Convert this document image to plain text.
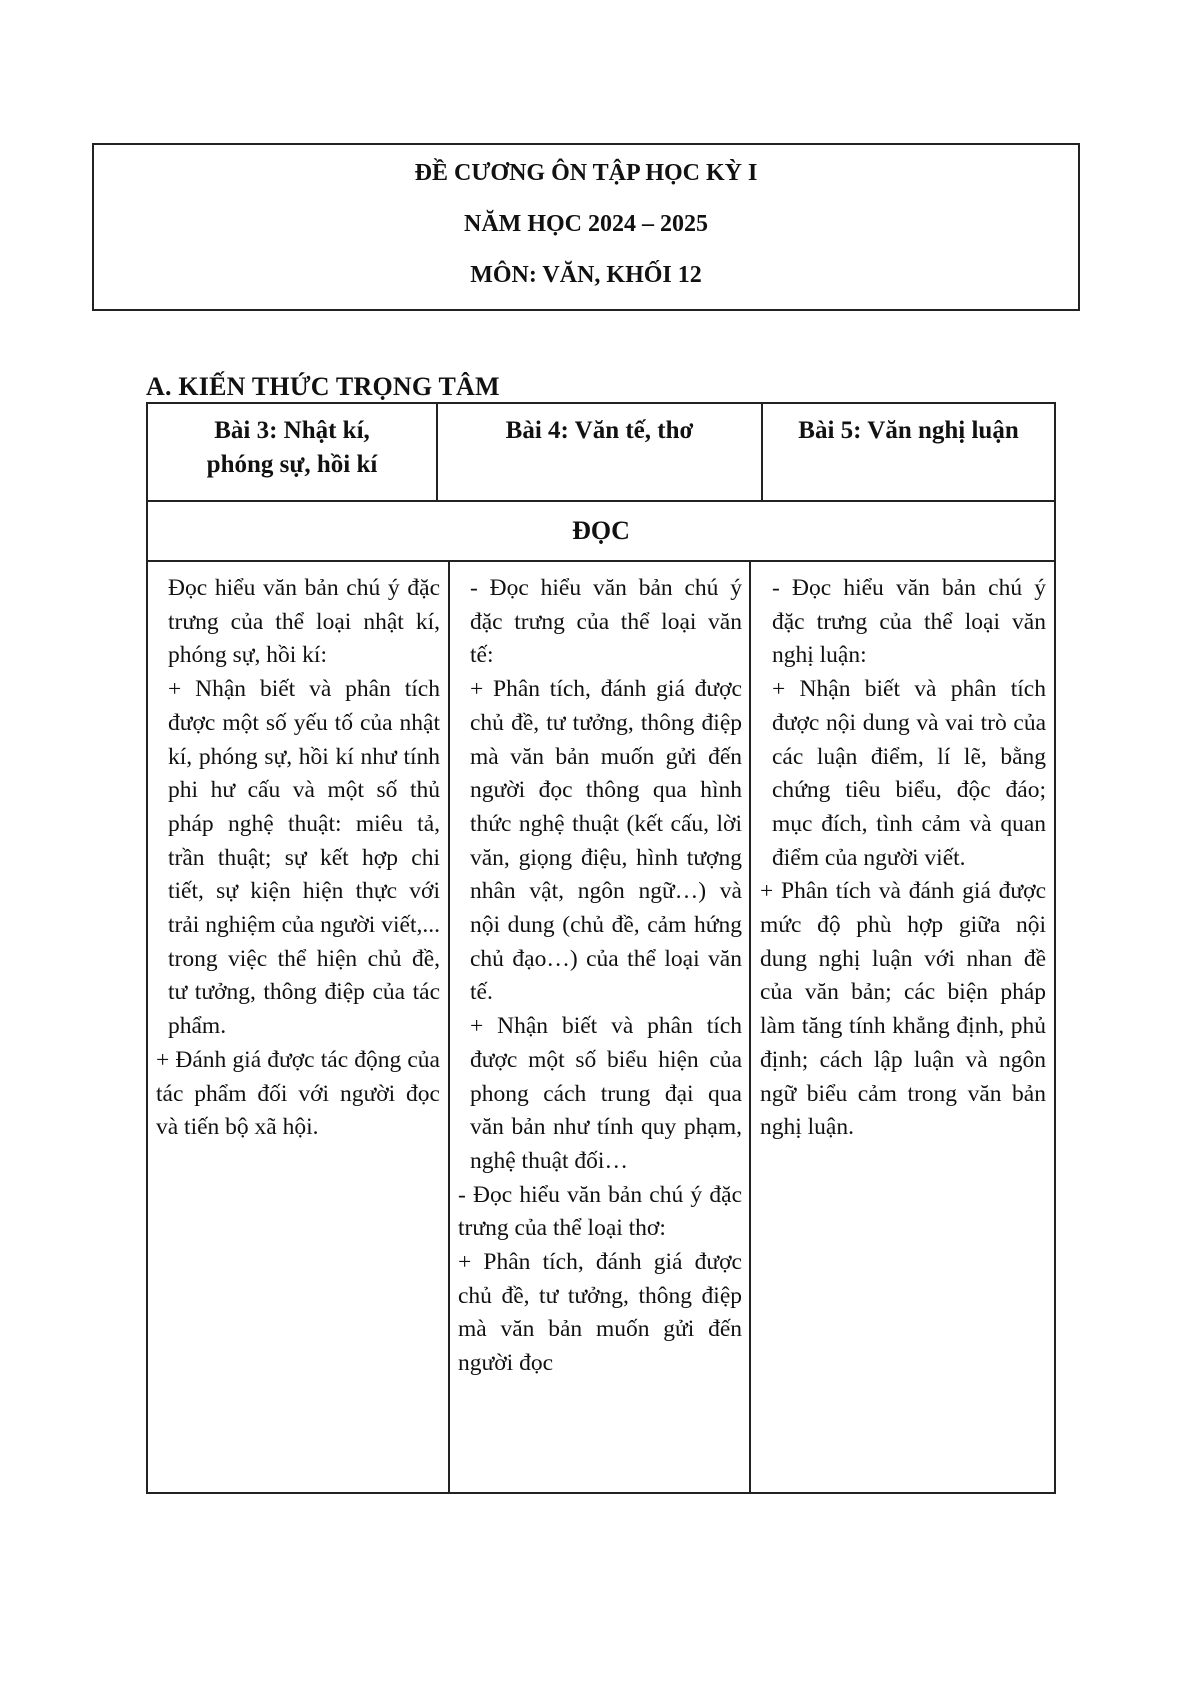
ĐỀ CƯƠNG ÔN TẬP HỌC KỲ I
NĂM HỌC 2024 – 2025
MÔN: VĂN, KHỐI 12
A. KIẾN THỨC TRỌNG TÂM
Bài 3: Nhật kí,
phóng sự, hồi kí
Bài 4: Văn tế, thơ	Bài 5: Văn nghị luận
ĐỌC

Đọc hiểu văn bản chú ý đặc trưng của thể loại nhật kí, phóng sự, hồi kí:

+ Nhận biết và phân tích được một số yếu tố của nhật kí, phóng sự, hồi kí như tính phi hư cấu và một số thủ pháp nghệ thuật: miêu tả, trần thuật; sự kết hợp chi tiết, sự kiện hiện thực với trải nghiệm của người viết,... trong việc thể hiện chủ đề, tư tưởng, thông điệp của tác phẩm.

+ Đánh giá được tác động của tác phẩm đối với người đọc và tiến bộ xã hội.

- Đọc hiểu văn bản chú ý đặc trưng của thể loại văn tế:

+ Phân tích, đánh giá được chủ đề, tư tưởng, thông điệp mà văn bản muốn gửi đến người đọc thông qua hình thức nghệ thuật (kết cấu, lời văn, giọng điệu, hình tượng nhân vật, ngôn ngữ…) và nội dung (chủ đề, cảm hứng chủ đạo…) của thể loại văn tế.

+ Nhận biết và phân tích được một số biểu hiện của phong cách trung đại qua văn bản như tính quy phạm, nghệ thuật đối…

- Đọc hiểu văn bản chú ý đặc trưng của thể loại thơ:

+ Phân tích, đánh giá được chủ đề, tư tưởng, thông điệp mà văn bản muốn gửi đến người đọc

- Đọc hiểu văn bản chú ý đặc trưng của thể loại văn nghị luận:

+ Nhận biết và phân tích được nội dung và vai trò của các luận điểm, lí lẽ, bằng chứng tiêu biểu, độc đáo; mục đích, tình cảm và quan điểm của người viết.

+ Phân tích và đánh giá được mức độ phù hợp giữa nội dung nghị luận với nhan đề của văn bản; các biện pháp làm tăng tính khẳng định, phủ định; cách lập luận và ngôn ngữ biểu cảm trong văn bản nghị luận.
